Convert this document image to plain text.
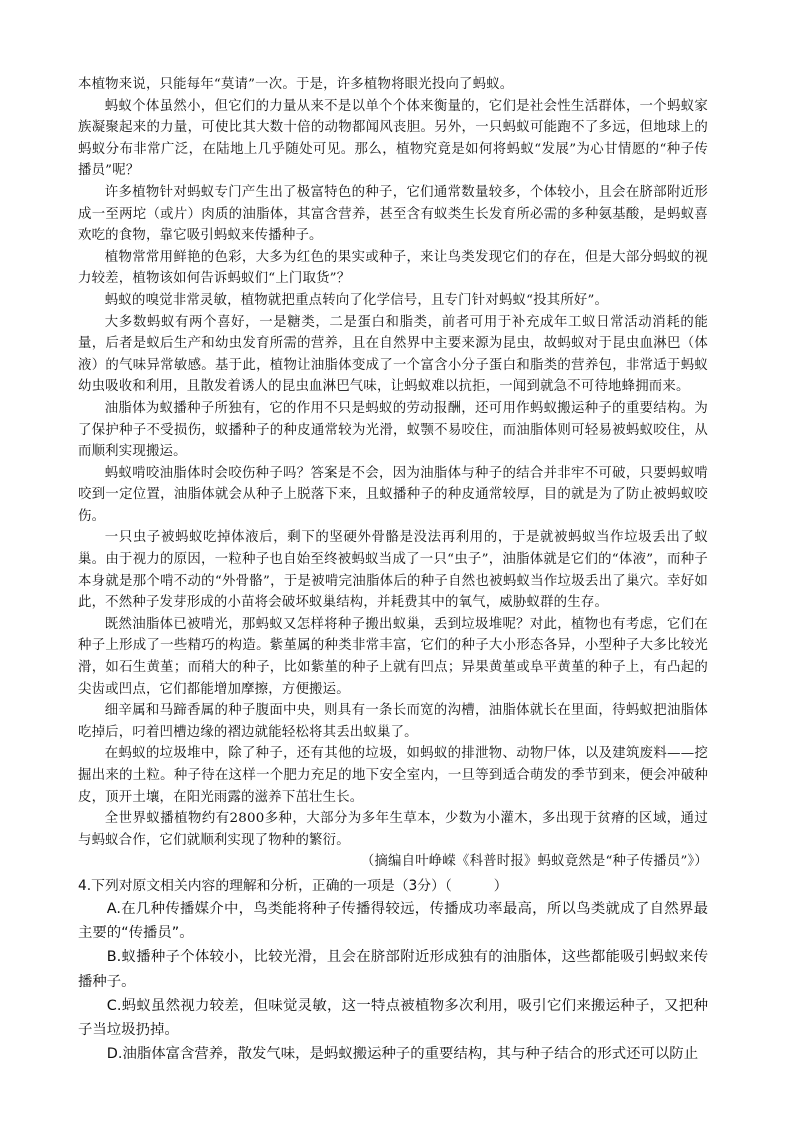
本植物来说，只能每年“莫请”一次。于是，许多植物将眼光投向了蚂蚁。

蚂蚁个体虽然小，但它们的力量从来不是以单个个体来衡量的，它们是社会性生活群体，一个蚂蚁家族凝聚起来的力量，可使比其大数十倍的动物都闻风丧胆。另外，一只蚂蚁可能跑不了多远，但地球上的蚂蚁分布非常广泛，在陆地上几乎随处可见。那么，植物究竟是如何将蚂蚁“发展”为心甘情愿的“种子传播员”呢？

许多植物针对蚂蚁专门产生出了极富特色的种子，它们通常数量较多，个体较小，且会在脐部附近形成一至两坨（或片）肉质的油脂体，其富含营养，甚至含有蚁类生长发育所必需的多种氨基酸，是蚂蚁喜欢吃的食物，靠它吸引蚂蚁来传播种子。

植物常常用鲜艳的色彩，大多为红色的果实或种子，来让鸟类发现它们的存在，但是大部分蚂蚁的视力较差，植物该如何告诉蚂蚁们“上门取货”？

蚂蚁的嗅觉非常灵敏，植物就把重点转向了化学信号，且专门针对蚂蚁“投其所好”。

大多数蚂蚁有两个喜好，一是糖类，二是蛋白和脂类，前者可用于补充成年工蚁日常活动消耗的能量，后者是蚁后生产和幼虫发育所需的营养，且在自然界中主要来源为昆虫，故蚂蚁对于昆虫血淋巴（体液）的气味异常敏感。基于此，植物让油脂体变成了一个富含小分子蛋白和脂类的营养包，非常适于蚂蚁幼虫吸收和利用，且散发着诱人的昆虫血淋巴气味，让蚂蚁难以抗拒，一闻到就急不可待地蜂拥而来。

油脂体为蚁播种子所独有，它的作用不只是蚂蚁的劳动报酬，还可用作蚂蚁搬运种子的重要结构。为了保护种子不受损伤，蚁播种子的种皮通常较为光滑，蚁颚不易咬住，而油脂体则可轻易被蚂蚁咬住，从而顺利实现搬运。

蚂蚁啃咬油脂体时会咬伤种子吗？答案是不会，因为油脂体与种子的结合并非牢不可破，只要蚂蚁啃咬到一定位置，油脂体就会从种子上脱落下来，且蚁播种子的种皮通常较厚，目的就是为了防止被蚂蚁咬伤。

一只虫子被蚂蚁吃掉体液后，剩下的坚硬外骨骼是没法再利用的，于是就被蚂蚁当作垃圾丢出了蚁巢。由于视力的原因，一粒种子也自始至终被蚂蚁当成了一只“虫子”，油脂体就是它们的“体液”，而种子本身就是那个啃不动的“外骨骼”，于是被啃完油脂体后的种子自然也被蚂蚁当作垃圾丢出了巢穴。幸好如此，不然种子发芽形成的小苗将会破坏蚁巢结构，并耗费其中的氧气，威胁蚁群的生存。

既然油脂体已被啃光，那蚂蚁又怎样将种子搬出蚁巢，丢到垃圾堆呢？对此，植物也有考虑，它们在种子上形成了一些精巧的构造。紫堇属的种类非常丰富，它们的种子大小形态各异，小型种子大多比较光滑，如石生黄堇；而稍大的种子，比如紫堇的种子上就有凹点；异果黄堇或阜平黄堇的种子上，有凸起的尖齿或凹点，它们都能增加摩擦，方便搬运。

细辛属和马蹄香属的种子腹面中央，则具有一条长而宽的沟槽，油脂体就长在里面，待蚂蚁把油脂体吃掉后，叼着凹槽边缘的褶边就能轻松将其丢出蚁巢了。

在蚂蚁的垃圾堆中，除了种子，还有其他的垃圾，如蚂蚁的排泄物、动物尸体，以及建筑废料——挖掘出来的土粒。种子待在这样一个肥力充足的地下安全室内，一旦等到适合萌发的季节到来，便会冲破种皮，顶开土壤，在阳光雨露的滋养下茁壮生长。

全世界蚁播植物约有2800多种，大部分为多年生草本，少数为小灌木，多出现于贫瘠的区域，通过与蚂蚁合作，它们就顺利实现了物种的繁衍。

（摘编自叶峥嵘《科普时报》蚂蚁竟然是“种子传播员”》）

4.下列对原文相关内容的理解和分析，正确的一项是（3分）（	）

A.在几种传播媒介中，鸟类能将种子传播得较远，传播成功率最高，所以鸟类就成了自然界最主要的“传播员”。

B.蚁播种子个体较小，比较光滑，且会在脐部附近形成独有的油脂体，这些都能吸引蚂蚁来传播种子。

C.蚂蚁虽然视力较差，但味觉灵敏，这一特点被植物多次利用，吸引它们来搬运种子，又把种子当垃圾扔掉。

D.油脂体富含营养，散发气味，是蚂蚁搬运种子的重要结构，其与种子结合的形式还可以防止
